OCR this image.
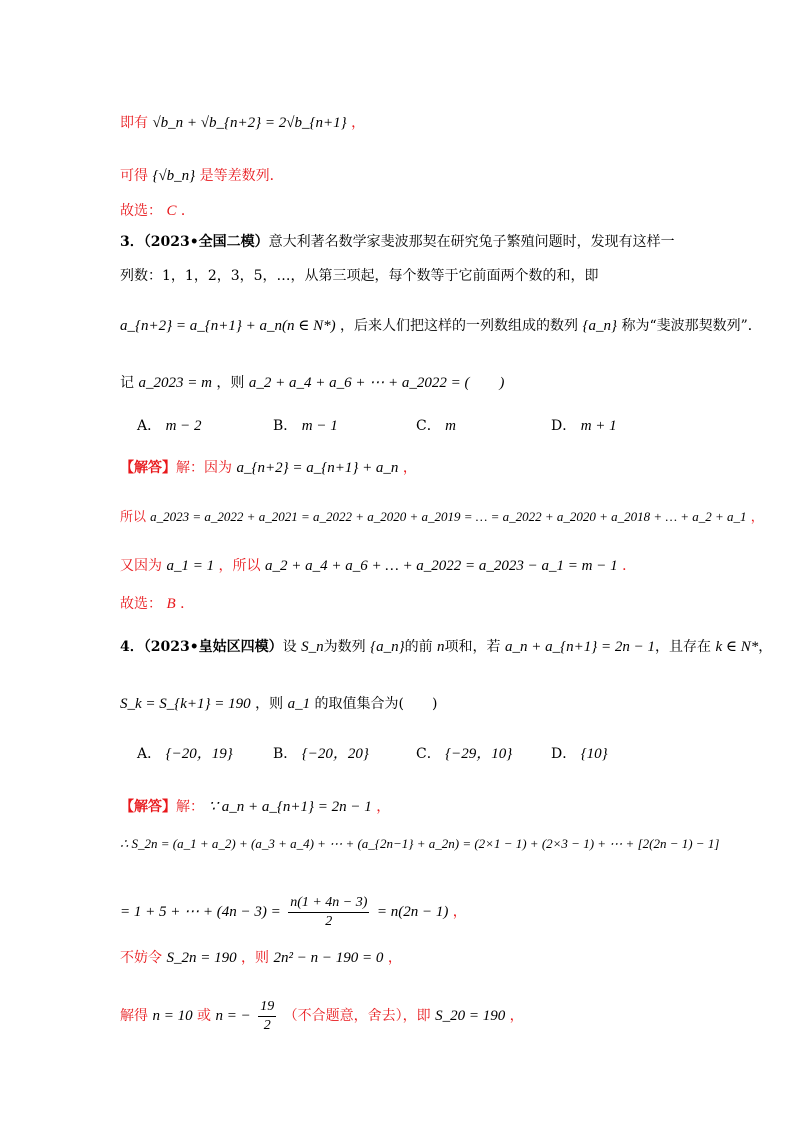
即有 √b_n + √b_{n+2} = 2√b_{n+1} ，
可得 {√b_n} 是等差数列．
故选： C ．
3．（2023•全国二模）意大利著名数学家斐波那契在研究兔子繁殖问题时，发现有这样一
列数：1，1，2，3，5，…，从第三项起，每个数等于它前面两个数的和，即
a_{n+2} = a_{n+1} + a_n(n ∈ N*) ，后来人们把这样的一列数组成的数列 {a_n} 称为“斐波那契数列”．
记 a_2023 = m ，则 a_2 + a_4 + a_6 + ⋯ + a_2022 = (　　)
A． m − 2	B． m − 1	C． m	D． m + 1
【解答】解：因为 a_{n+2} = a_{n+1} + a_n ，
所以 a_2023 = a_2022 + a_2021 = a_2022 + a_2020 + a_2019 = … = a_2022 + a_2020 + a_2018 + … + a_2 + a_1 ，
又因为 a_1 = 1 ，所以 a_2 + a_4 + a_6 + … + a_2022 = a_2023 − a_1 = m − 1 ．
故选： B ．
4．（2023•皇姑区四模）设 S_n为数列 {a_n}的前 n项和，若 a_n + a_{n+1} = 2n − 1，且存在 k ∈ N*，
S_k = S_{k+1} = 190 ，则 a_1 的取值集合为(　　)
A． {−20，19}	B． {−20，20}	C． {−29，10}	D． {10}
【解答】解： ∵ a_n + a_{n+1} = 2n − 1 ，
∴ S_2n = (a_1 + a_2) + (a_3 + a_4) + ⋯ + (a_{2n−1} + a_2n) = (2×1 − 1) + (2×3 − 1) + ⋯ + [2(2n − 1) − 1]
= 1 + 5 + ⋯ + $(4n - 3) = \frac{n(1 + 4n - 3)}{2} = n(2n - 1)$ ，
不妨令 S_2n = 190 ，则 2n² − n − 190 = 0 ，
解得 n = 10 或 n = − $\frac{19}{2}$ （不合题意，舍去），即 S_20 = 190 ，
